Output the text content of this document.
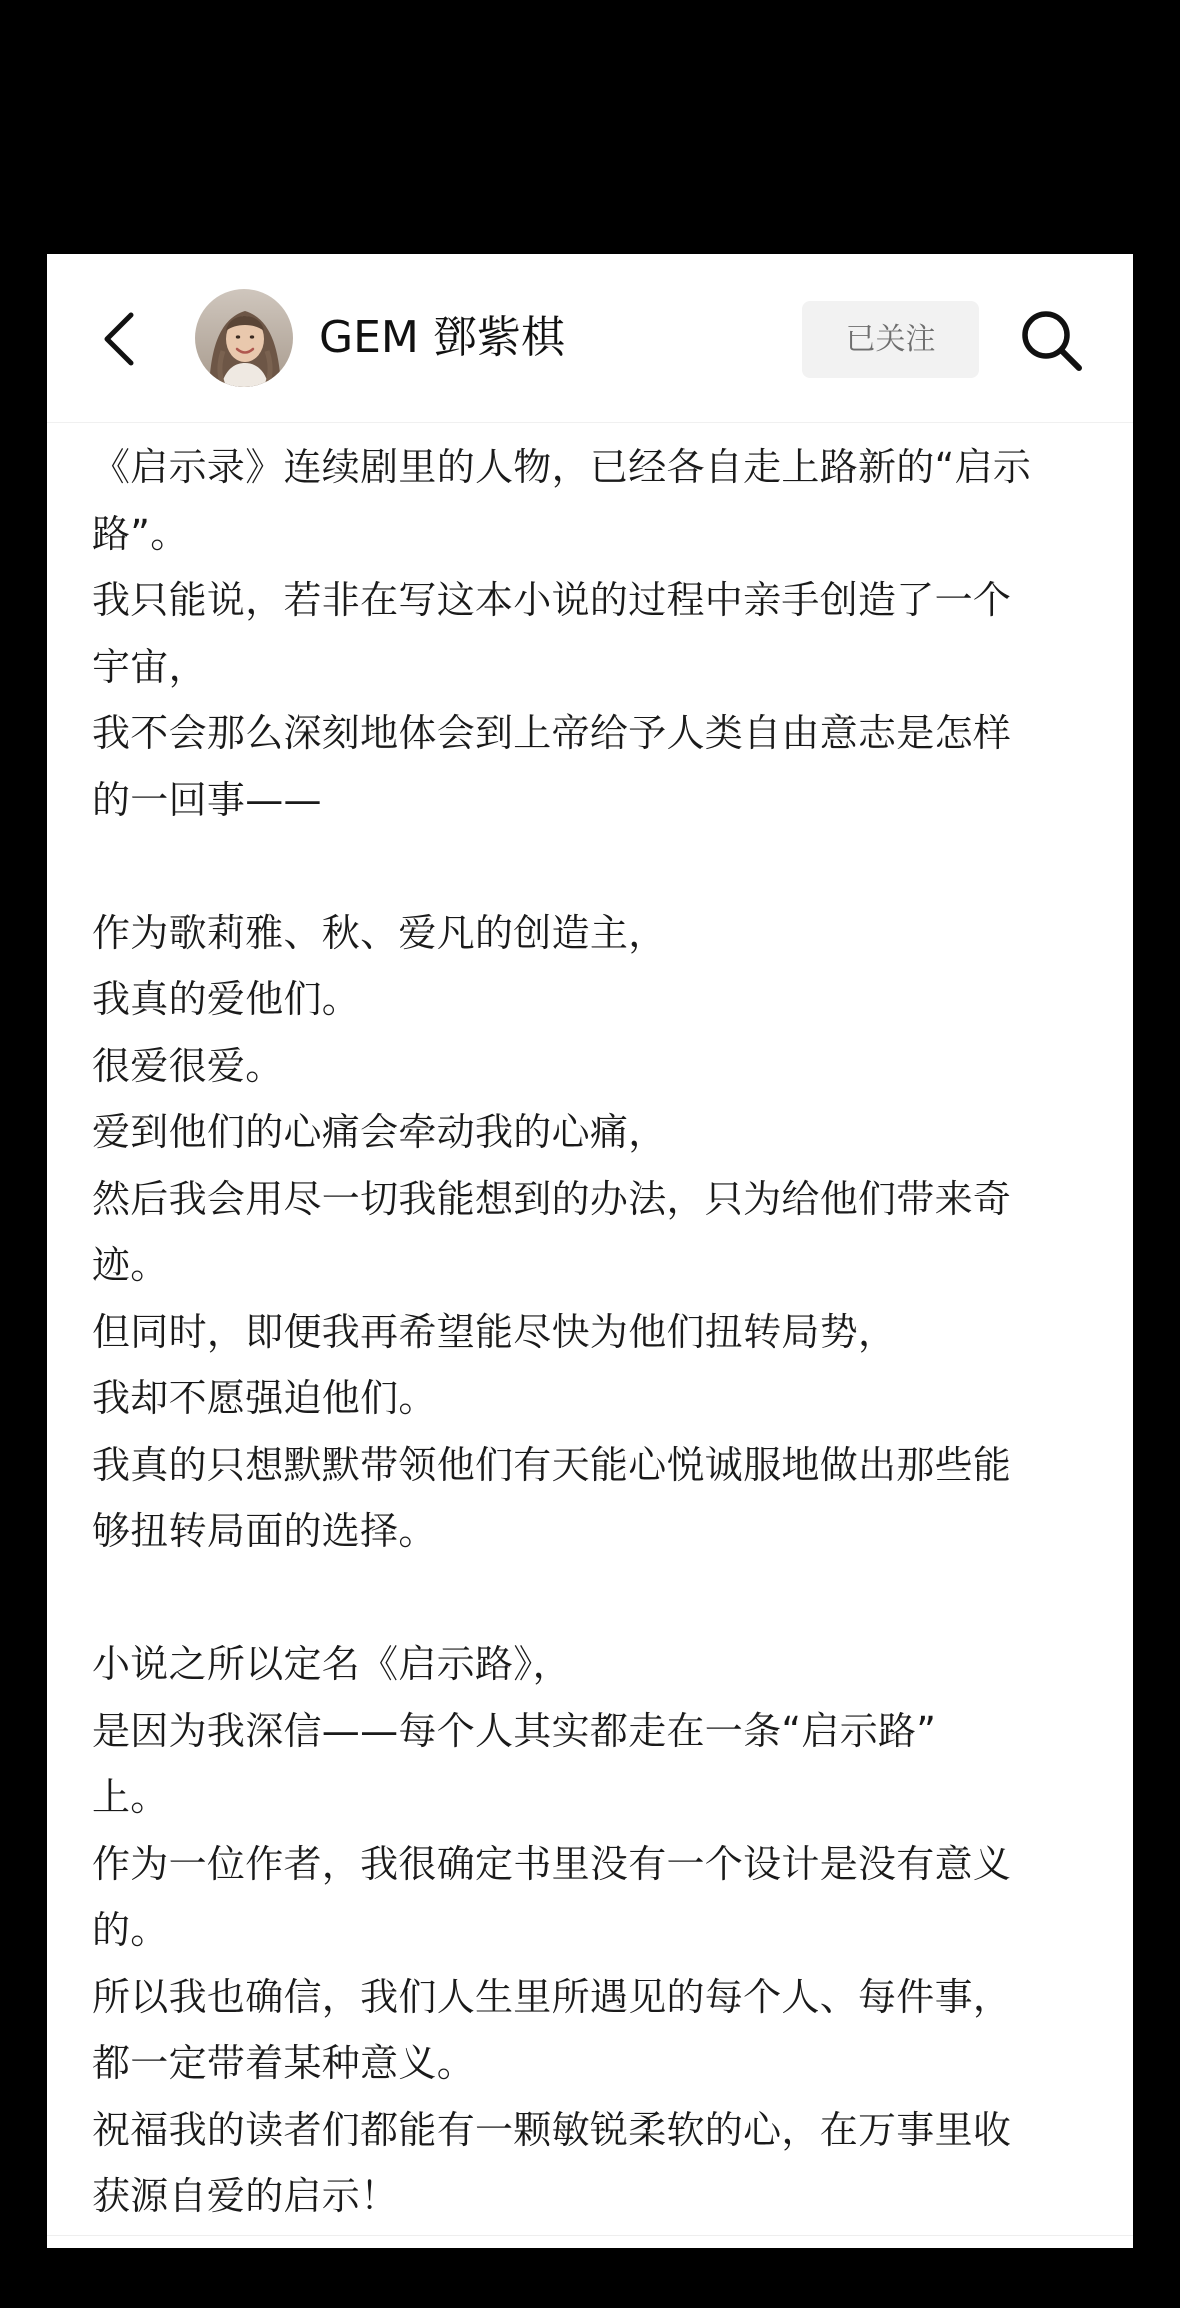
GEM 鄧紫棋	已关注
《启示录》连续剧里的人物，已经各自走上路新的“启示
路”。
我只能说，若非在写这本小说的过程中亲手创造了一个
宇宙，
我不会那么深刻地体会到上帝给予人类自由意志是怎样
的一回事——
作为歌莉雅、秋、爱凡的创造主，
我真的爱他们。
很爱很爱。
爱到他们的心痛会牵动我的心痛，
然后我会用尽一切我能想到的办法，只为给他们带来奇
迹。
但同时，即便我再希望能尽快为他们扭转局势，
我却不愿强迫他们。
我真的只想默默带领他们有天能心悦诚服地做出那些能
够扭转局面的选择。
小说之所以定名《启示路》，
是因为我深信——每个人其实都走在一条“启示路”
上。
作为一位作者，我很确定书里没有一个设计是没有意义
的。
所以我也确信，我们人生里所遇见的每个人、每件事，
都一定带着某种意义。
祝福我的读者们都能有一颗敏锐柔软的心，在万事里收
获源自爱的启示！
